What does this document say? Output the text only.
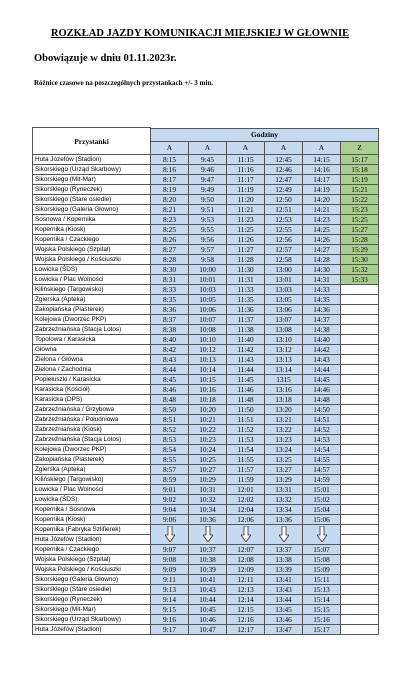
ROZKŁAD JAZDY KOMUNIKACJI MIEJSKIEJ W GŁOWNIE
Obowiązuje w dniu 01.11.2023r.
Różnice czasowe na poszczególnych przystankach +/- 3 min.
Przystanki						
	Godziny					
	A	A	A	A	A	Z
Huta Józefów (Stadion)	8:15	9:45	11:15	12:45	14:15	15:17
Sikorskiego (Urząd Skarbowy)	8:16	9:46	11:16	12:46	14:16	15:18
Sikorskiego (Mit-Mar)	8:17	9:47	11:17	12:47	14:17	15:19
Sikorskiego (Ryneczek)	8:19	9:49	11:19	12:49	14:19	15:21
Sikorskiego (Stare osiedle)	8:20	9:50	11:20	12:50	14:20	15:22
Sikorskiego (Galeria Głowno)	8:21	9:51	11:21	12:51	14:21	15:23
Sosnowa / Kopernika	8:23	9:53	11:23	12:53	14:23	15:25
Kopernika (Kiosk)	8:25	9:55	11:25	12:55	14:25	15:27
Kopernika / Czackiego	8:26	9:56	11:26	12:56	14:26	15:28
Wojska Polskiego (Szpital)	8:27	9:57	11:27	12:57	14:27	15:29
Wojska Polskiego / Kościuszki	8:28	9:58	11:28	12:58	14:28	15:30
Łowicka (ŚDS)	8:30	10:00	11:30	13:00	14:30	15:32
Łowicka / Plac Wolności	8:31	10:01	11:31	13:01	14:31	15:33
Kilińskiego (Targowisko)	8:33	10:03	11:33	13:03	14:33	
Zgierska (Apteka)	8:35	10:05	11:35	13:05	14:35	
Zakopiańska (Plasterek)	8:36	10:06	11:36	13:06	14:36	
Kolejowa (Dworzec PKP)	8:37	10:07	11:37	13:07	14:37	
Zabrzeźniańska (Stacja Lotos)	8:38	10:08	11:38	13:08	14:38	
Topolowa / Karasicka	8:40	10:10	11:40	13:10	14:40	
Główna	8:42	10:12	11:42	13:12	14:42	
Zielona / Główna	8:43	10:13	11:43	13:13	14:43	
Zielona / Zachodnia	8:44	10:14	11:44	13:14	14:44	
Popiełuszki / Karasicka	8:45	10:15	11:45	1315	14:45	
Karasicka (Kościół)	8:46	10:16	11:46	13:16	14:46	
Karasicka (DPS)	8:48	10:18	11:48	13:18	14:48	
Zabrzeźniańska / Grzybowa	8:50	10:20	11:50	13:20	14:50	
Zabrzeźniańska / Południowa	8:51	10:21	11:51	13:21	14:51	
Zabrzeźniańska (Kiosk)	8:52	10:22	11:52	13:22	14:52	
Zabrzeźniańska (Stacja Lotos)	8:53	10:23	11:53	13:23	14:53	
Kolejowa (Dworzec PKP)	8:54	10:24	11:54	13:24	14:54	
Zakopiańska (Plasterek)	8:55	10:25	11:55	13:25	14:55	
Zgierska (Apteka)	8:57	10:27	11:57	13:27	14:57	
Kilińskiego (Targowisko)	8:59	10:29	11:59	13:29	14:59	
Łowicka / Plac Wolności	9:01	10:31	12:01	13:31	15:01	
Łowicka (ŚDS)	9:02	10:32	12:02	13:32	15:02	
Kopernika / Sosnowa	9:04	10:34	12:04	13:34	15:04	
Kopernika (Kiosk)	9:06	10:36	12:06	13:36	15:06	
Kopernika (Fabryka Szlifierek)						
Huta Józefów (Stadion)						
Kopernika / Czackiego	9:07	10:37	12:07	13:37	15:07	
Wojska Polskiego (Szpital)	9:08	10:38	12:08	13:38	15:08	
Wojska Polskiego / Kościuszki	9:09	10:39	12:09	13:39	15:09	
Sikorskiego (Galeria Głowno)	9:11	10:41	12:11	13:41	15:11	
Sikorskiego (Stare osiedle)	9:13	10:43	12:13	13:43	15:13	
Sikorskiego (Ryneczek)	9:14	10:44	12:14	13:44	15:14	
Sikorskiego (Mit-Mar)	9:15	10:45	12:15	13:45	15:15	
Sikorskiego (Urząd Skarbowy)	9:16	10:46	12:16	13:46	15:16	
Huta Józefów (Stadion)	9:17	10:47	12:17	13:47	15:17	
